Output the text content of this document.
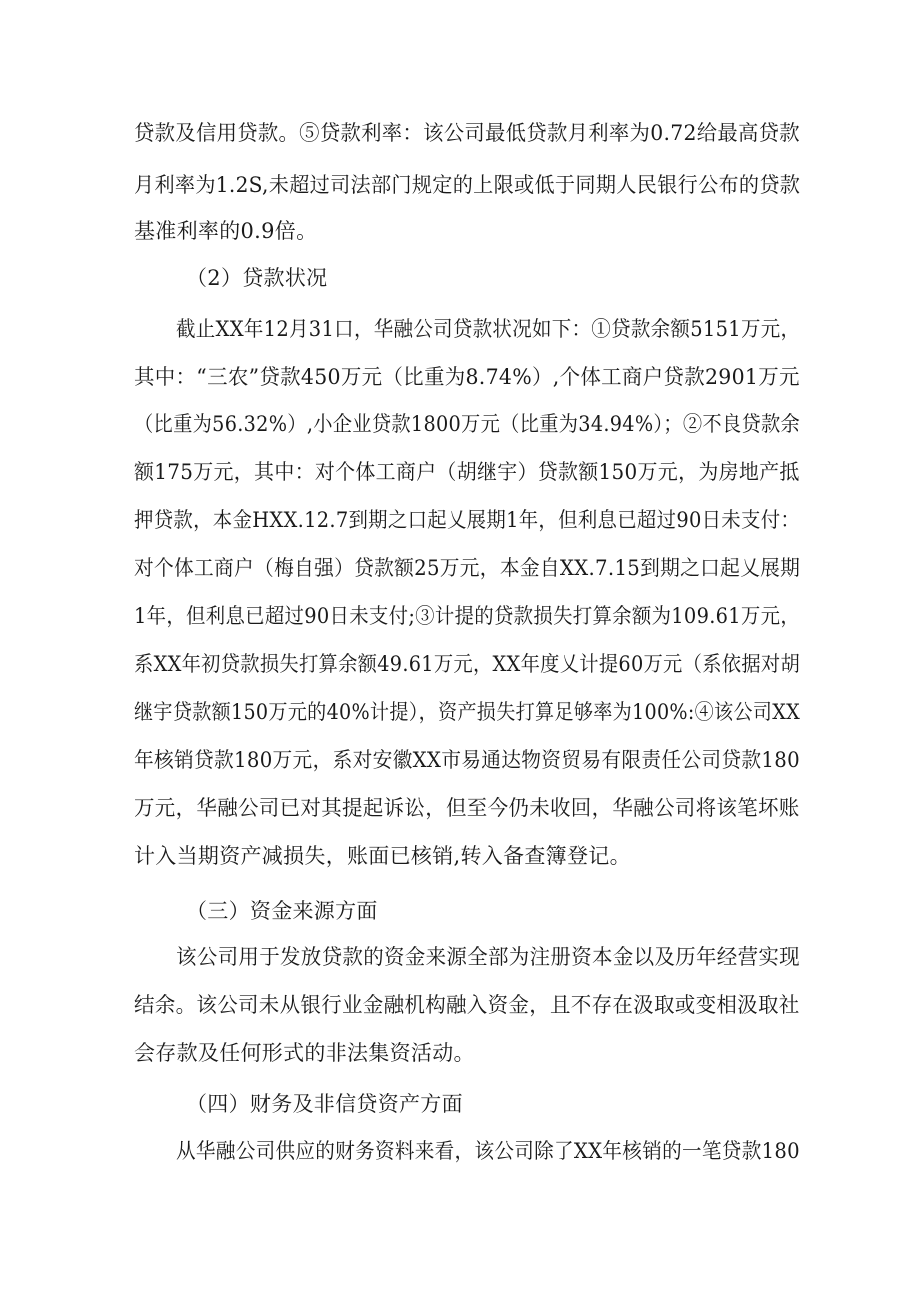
贷款及信用贷款。⑤贷款利率：该公司最低贷款月利率为0.72给最高贷款
月利率为1.2S,未超过司法部门规定的上限或低于同期人民银行公布的贷款
基准利率的0.9倍。
（2）贷款状况
截止XX年12月31口，华融公司贷款状况如下：①贷款余额5151万元，
其中：“三农”贷款450万元（比重为8.74%）,个体工商户贷款2901万元
（比重为56.32%）,小企业贷款1800万元（比重为34.94%）；②不良贷款余
额175万元，其中：对个体工商户（胡继宇）贷款额150万元，为房地产抵
押贷款，本金HXX.12.7到期之口起乂展期1年，但利息已超过90日未支付：
对个体工商户（梅自强）贷款额25万元，本金自XX.7.15到期之口起乂展期
1年，但利息已超过90日未支付;③计提的贷款损失打算余额为109.61万元，
系XX年初贷款损失打算余额49.61万元，XX年度乂计提60万元（系依据对胡
继宇贷款额150万元的40%计提），资产损失打算足够率为100%:④该公司XX
年核销贷款180万元，系对安徽XX市易通达物资贸易有限责任公司贷款180
万元，华融公司已对其提起诉讼，但至今仍未收回，华融公司将该笔坏账
计入当期资产减损失，账面已核销,转入备查簿登记。
（三）资金来源方面
该公司用于发放贷款的资金来源全部为注册资本金以及历年经营实现
结余。该公司未从银行业金融机构融入资金，且不存在汲取或变相汲取社
会存款及任何形式的非法集资活动。
（四）财务及非信贷资产方面
从华融公司供应的财务资料来看，该公司除了XX年核销的一笔贷款180
